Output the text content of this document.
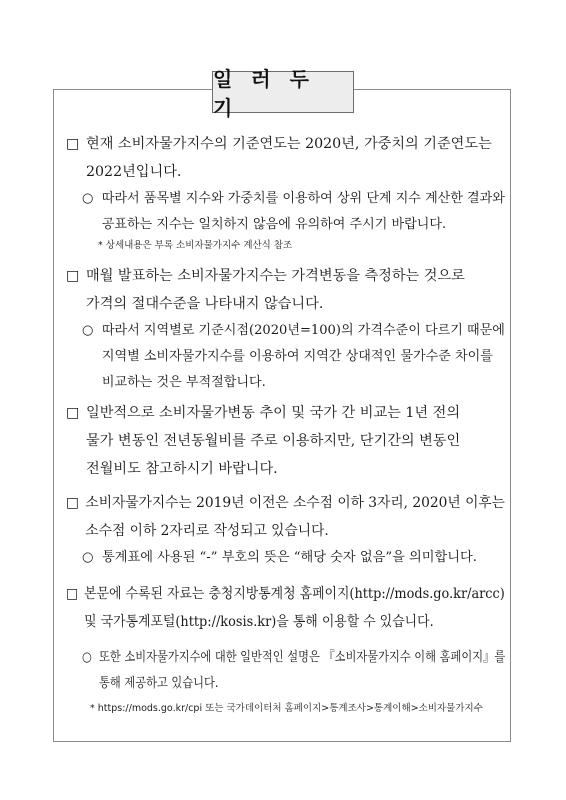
일 러 두 기
□ 현재 소비자물가지수의 기준연도는 2020년, 가중치의 기준연도는
2022년입니다.
○ 따라서 품목별 지수와 가중치를 이용하여 상위 단계 지수 계산한 결과와
공표하는 지수는 일치하지 않음에 유의하여 주시기 바랍니다.
* 상세내용은 부록 소비자물가지수 계산식 참조
□ 매월 발표하는 소비자물가지수는 가격변동을 측정하는 것으로
가격의 절대수준을 나타내지 않습니다.
○ 따라서 지역별로 기준시점(2020년=100)의 가격수준이 다르기 때문에
지역별 소비자물가지수를 이용하여 지역간 상대적인 물가수준 차이를
비교하는 것은 부적절합니다.
□ 일반적으로 소비자물가변동 추이 및 국가 간 비교는 1년 전의
물가 변동인 전년동월비를 주로 이용하지만, 단기간의 변동인
전월비도 참고하시기 바랍니다.
□ 소비자물가지수는 2019년 이전은 소수점 이하 3자리, 2020년 이후는
소수점 이하 2자리로 작성되고 있습니다.
○ 통계표에 사용된 “-” 부호의 뜻은 “해당 숫자 없음”을 의미합니다.
□ 본문에 수록된 자료는 충청지방통계청 홈페이지(http://mods.go.kr/arcc)
및 국가통계포털(http://kosis.kr)을 통해 이용할 수 있습니다.
○ 또한 소비자물가지수에 대한 일반적인 설명은 『소비자물가지수 이해 홈페이지』를
통해 제공하고 있습니다.
* https://mods.go.kr/cpi 또는 국가데이터처 홈페이지>통계조사>통계이해>소비자물가지수
